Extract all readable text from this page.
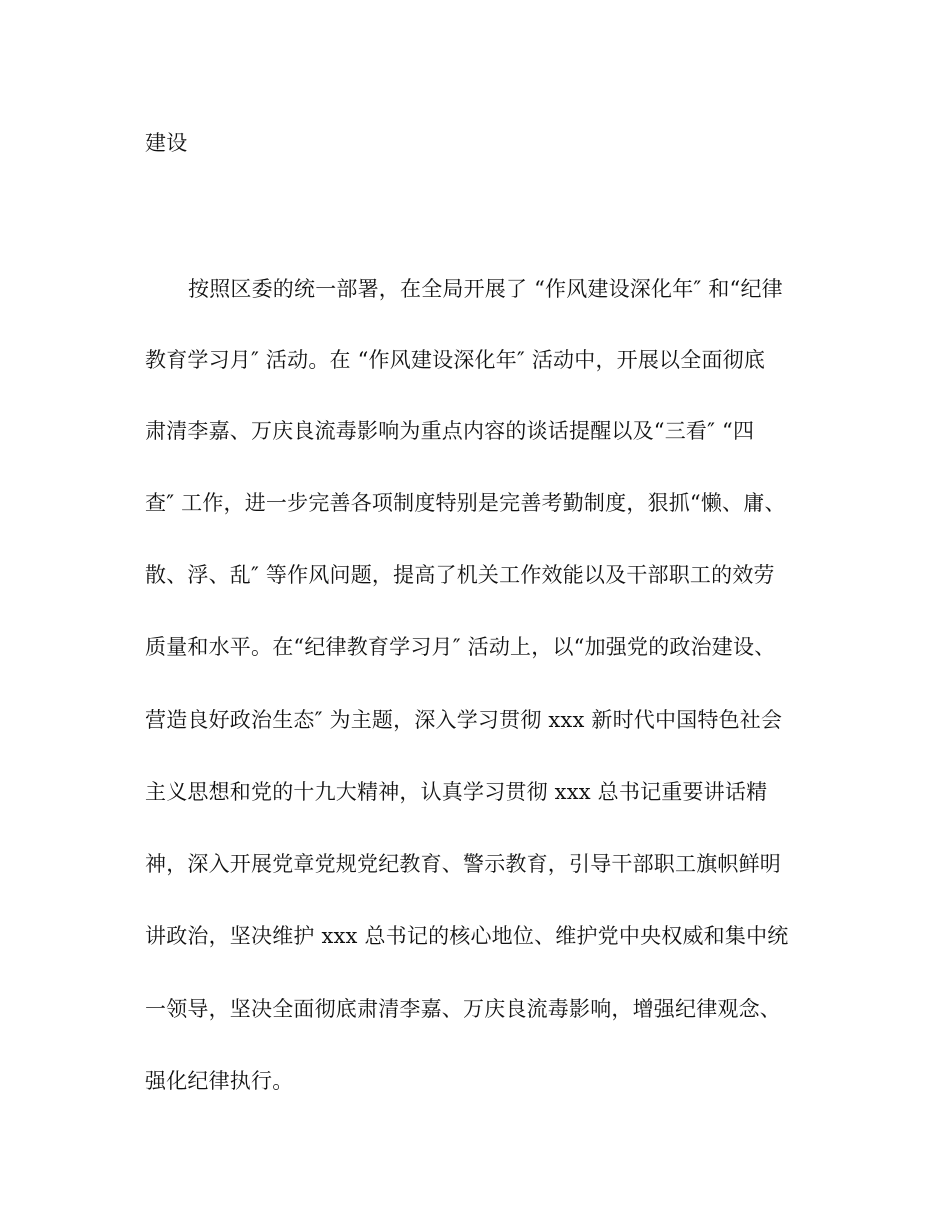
建设
按照区委的统一部署，在全局开展了 “作风建设深化年″ 和“纪律
教育学习月″ 活动。在 “作风建设深化年″ 活动中，开展以全面彻底
肃清李嘉、万庆良流毒影响为重点内容的谈话提醒以及“三看″ “四
查″ 工作，进一步完善各项制度特别是完善考勤制度，狠抓“懒、庸、
散、浮、乱″ 等作风问题，提高了机关工作效能以及干部职工的效劳
质量和水平。在“纪律教育学习月″ 活动上，以“加强党的政治建设、
营造良好政治生态″ 为主题，深入学习贯彻 xxx 新时代中国特色社会
主义思想和党的十九大精神，认真学习贯彻 xxx 总书记重要讲话精
神，深入开展党章党规党纪教育、警示教育，引导干部职工旗帜鲜明
讲政治，坚决维护 xxx 总书记的核心地位、维护党中央权威和集中统
一领导，坚决全面彻底肃清李嘉、万庆良流毒影响，增强纪律观念、
强化纪律执行。
